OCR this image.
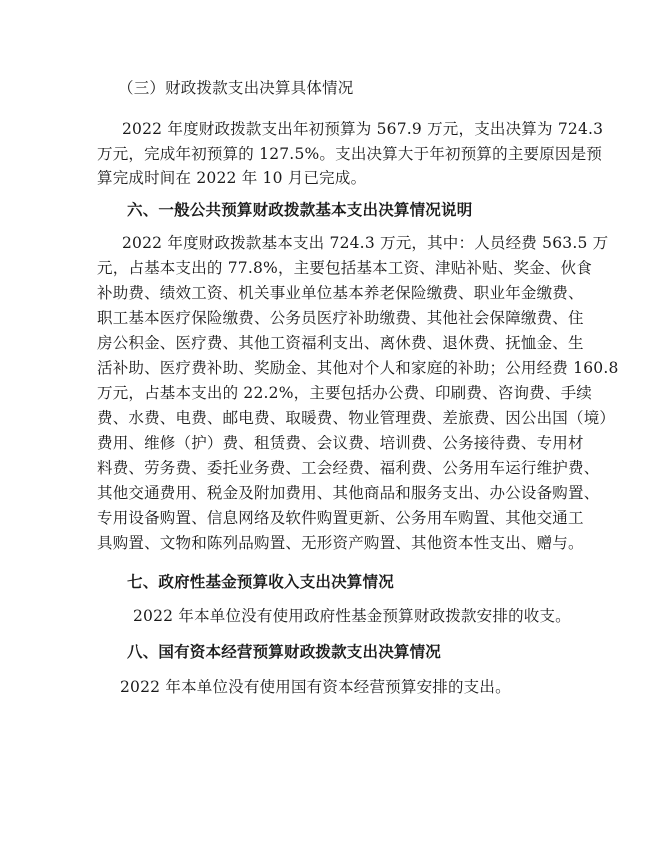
（三）财政拨款支出决算具体情况
2022 年度财政拨款支出年初预算为 567.9 万元，支出决算为 724.3
万元，完成年初预算的 127.5%。支出决算大于年初预算的主要原因是预
算完成时间在 2022 年 10 月已完成。
六、一般公共预算财政拨款基本支出决算情况说明
2022 年度财政拨款基本支出 724.3 万元，其中：人员经费 563.5 万
元，占基本支出的 77.8%，主要包括基本工资、津贴补贴、奖金、伙食
补助费、绩效工资、机关事业单位基本养老保险缴费、职业年金缴费、
职工基本医疗保险缴费、公务员医疗补助缴费、其他社会保障缴费、住
房公积金、医疗费、其他工资福利支出、离休费、退休费、抚恤金、生
活补助、医疗费补助、奖励金、其他对个人和家庭的补助；公用经费 160.8
万元，占基本支出的 22.2%，主要包括办公费、印刷费、咨询费、手续
费、水费、电费、邮电费、取暖费、物业管理费、差旅费、因公出国（境）
费用、维修（护）费、租赁费、会议费、培训费、公务接待费、专用材
料费、劳务费、委托业务费、工会经费、福利费、公务用车运行维护费、
其他交通费用、税金及附加费用、其他商品和服务支出、办公设备购置、
专用设备购置、信息网络及软件购置更新、公务用车购置、其他交通工
具购置、文物和陈列品购置、无形资产购置、其他资本性支出、赠与。
七、政府性基金预算收入支出决算情况
2022 年本单位没有使用政府性基金预算财政拨款安排的收支。
八、国有资本经营预算财政拨款支出决算情况
2022 年本单位没有使用国有资本经营预算安排的支出。
